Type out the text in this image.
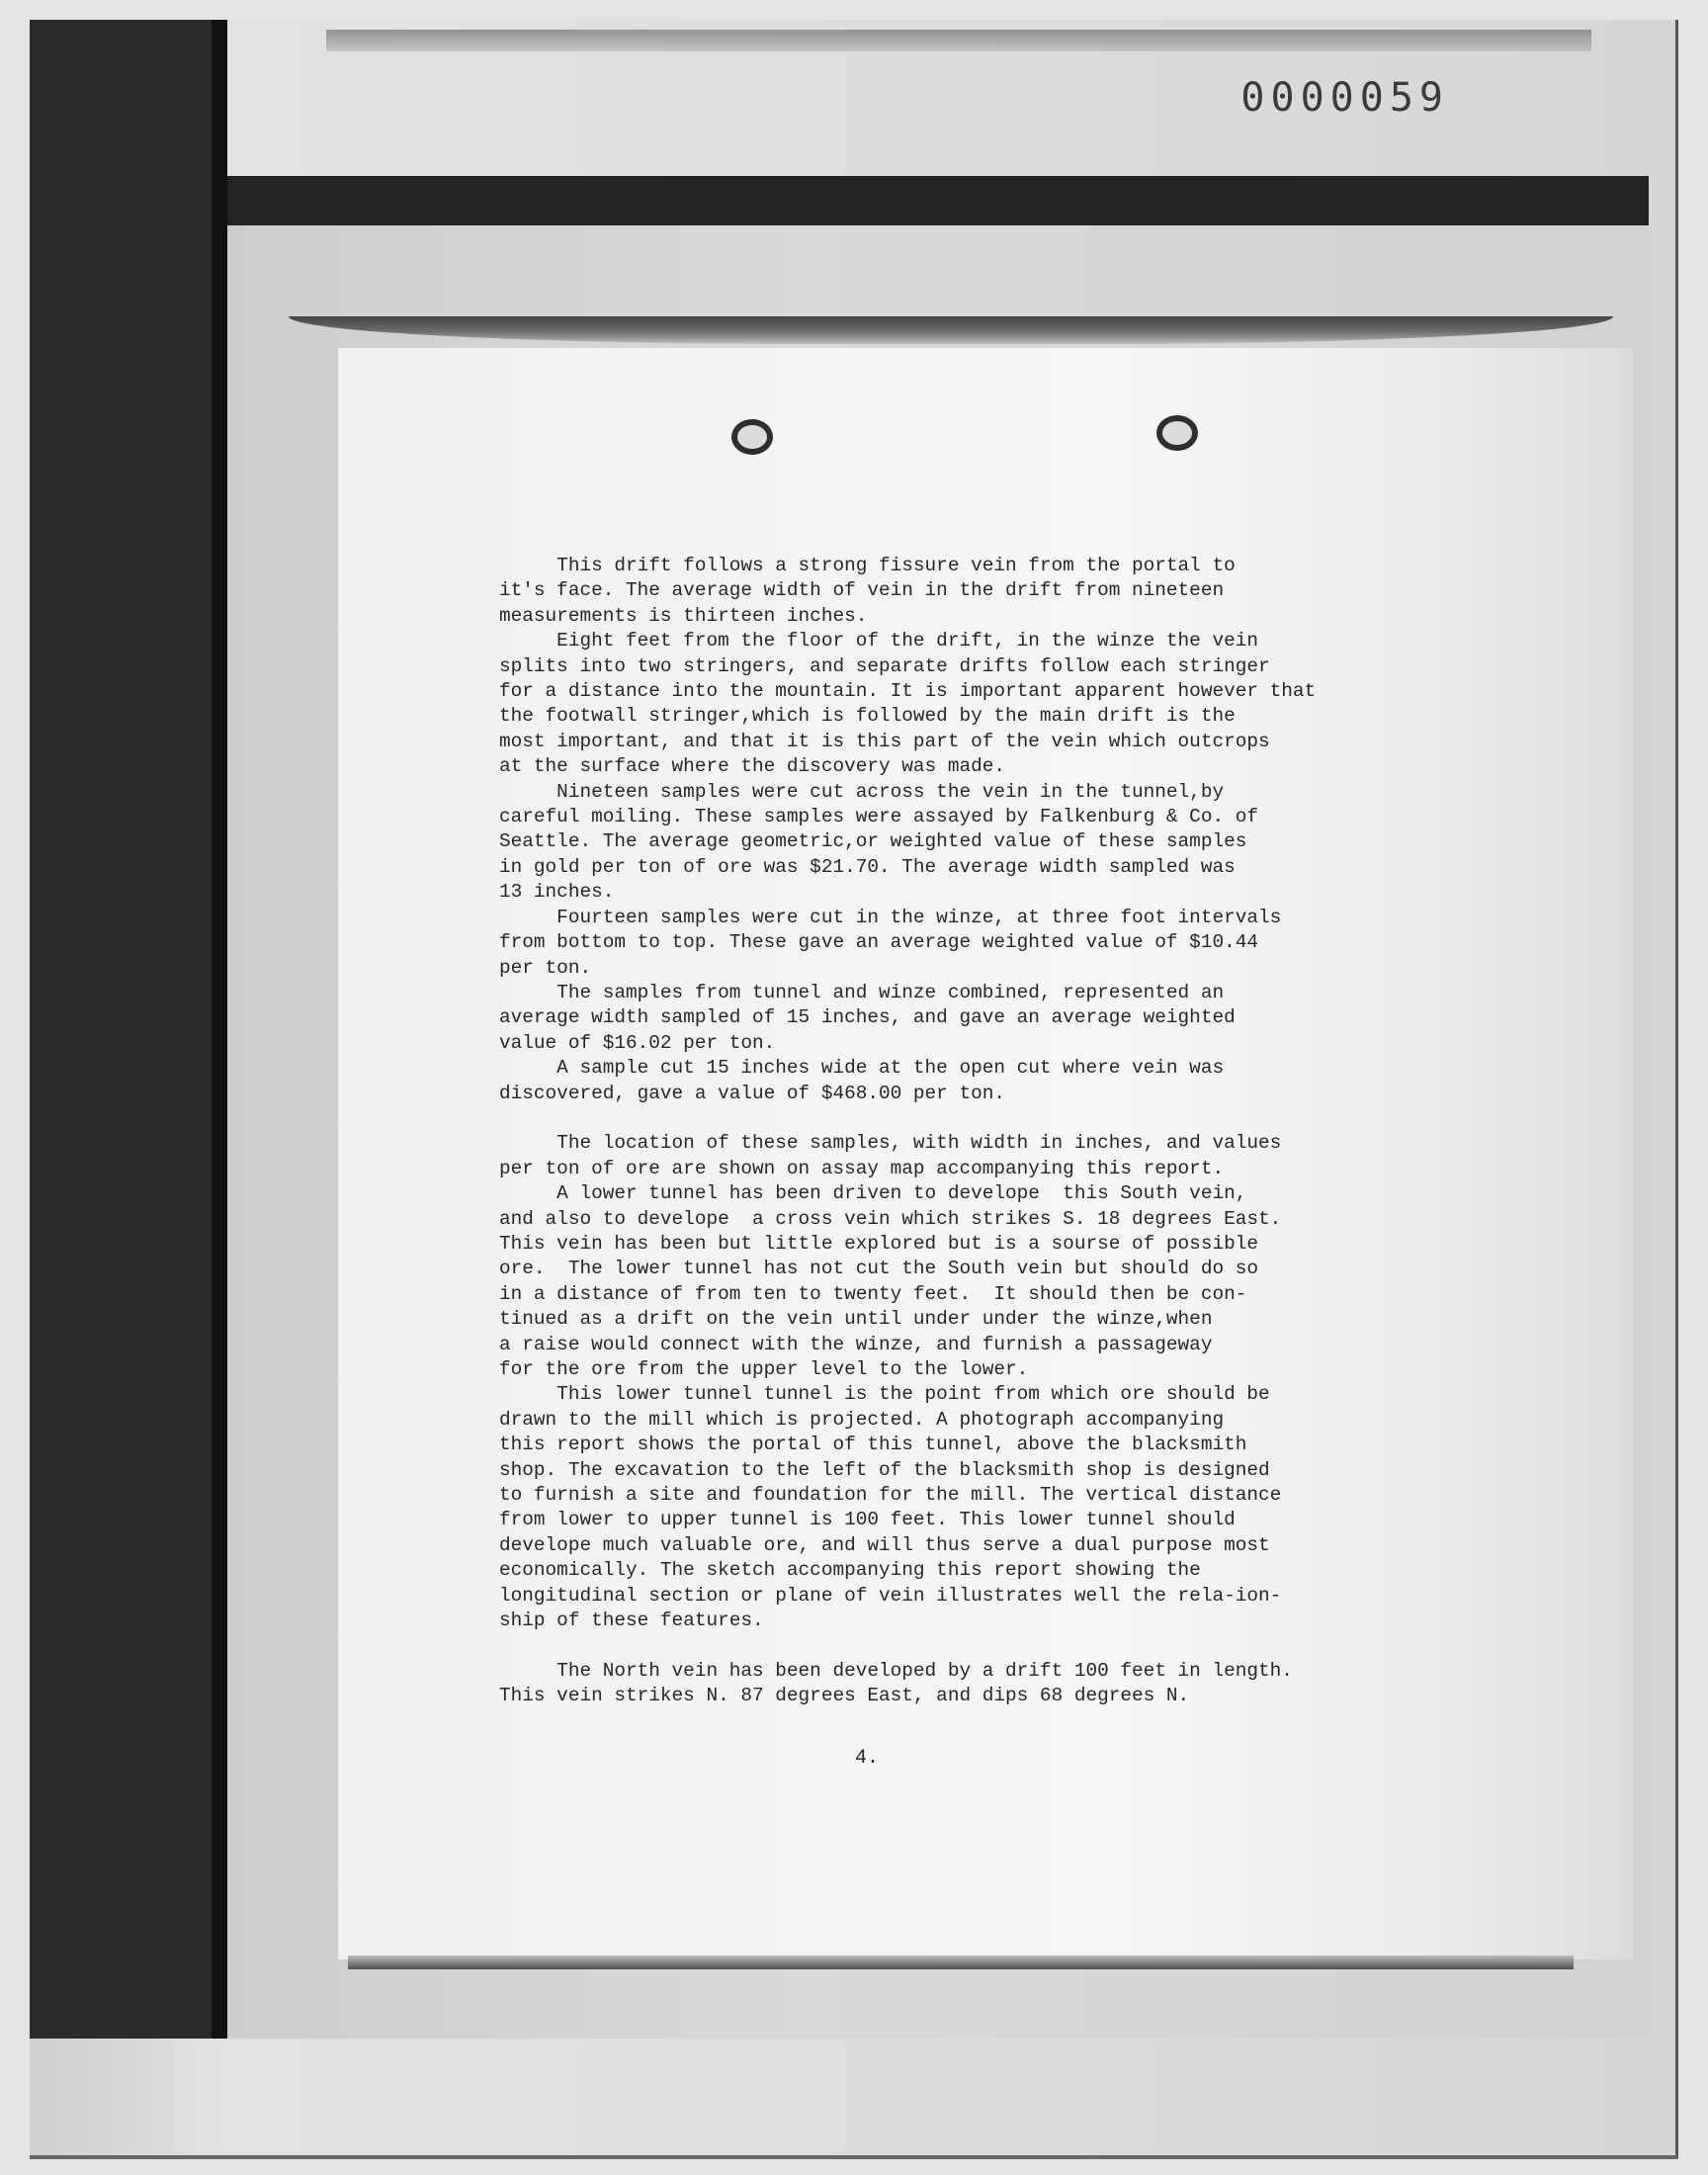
0000059
This drift follows a strong fissure vein from the portal to
it's face. The average width of vein in the drift from nineteen
measurements is thirteen inches.
Eight feet from the floor of the drift, in the winze the vein
splits into two stringers, and separate drifts follow each stringer
for a distance into the mountain. It is important apparent however that
the footwall stringer,which is followed by the main drift is the
most important, and that it is this part of the vein which outcrops
at the surface where the discovery was made.
Nineteen samples were cut across the vein in the tunnel,by
careful moiling. These samples were assayed by Falkenburg & Co. of
Seattle. The average geometric,or weighted value of these samples
in gold per ton of ore was $21.70. The average width sampled was
13 inches.
Fourteen samples were cut in the winze, at three foot intervals
from bottom to top. These gave an average weighted value of $10.44
per ton.
The samples from tunnel and winze combined, represented an
average width sampled of 15 inches, and gave an average weighted
value of $16.02 per ton.
A sample cut 15 inches wide at the open cut where vein was
discovered, gave a value of $468.00 per ton.

The location of these samples, with width in inches, and values
per ton of ore are shown on assay map accompanying this report.
A lower tunnel has been driven to develope  this South vein,
and also to develope  a cross vein which strikes S. 18 degrees East.
This vein has been but little explored but is a sourse of possible
ore.  The lower tunnel has not cut the South vein but should do so
in a distance of from ten to twenty feet.  It should then be con-
tinued as a drift on the vein until under under the winze,when
a raise would connect with the winze, and furnish a passageway
for the ore from the upper level to the lower.
This lower tunnel tunnel is the point from which ore should be
drawn to the mill which is projected. A photograph accompanying
this report shows the portal of this tunnel, above the blacksmith
shop. The excavation to the left of the blacksmith shop is designed
to furnish a site and foundation for the mill. The vertical distance
from lower to upper tunnel is 100 feet. This lower tunnel should
develope much valuable ore, and will thus serve a dual purpose most
economically. The sketch accompanying this report showing the
longitudinal section or plane of vein illustrates well the rela-ion-
ship of these features.

The North vein has been developed by a drift 100 feet in length.
This vein strikes N. 87 degrees East, and dips 68 degrees N.
4.
